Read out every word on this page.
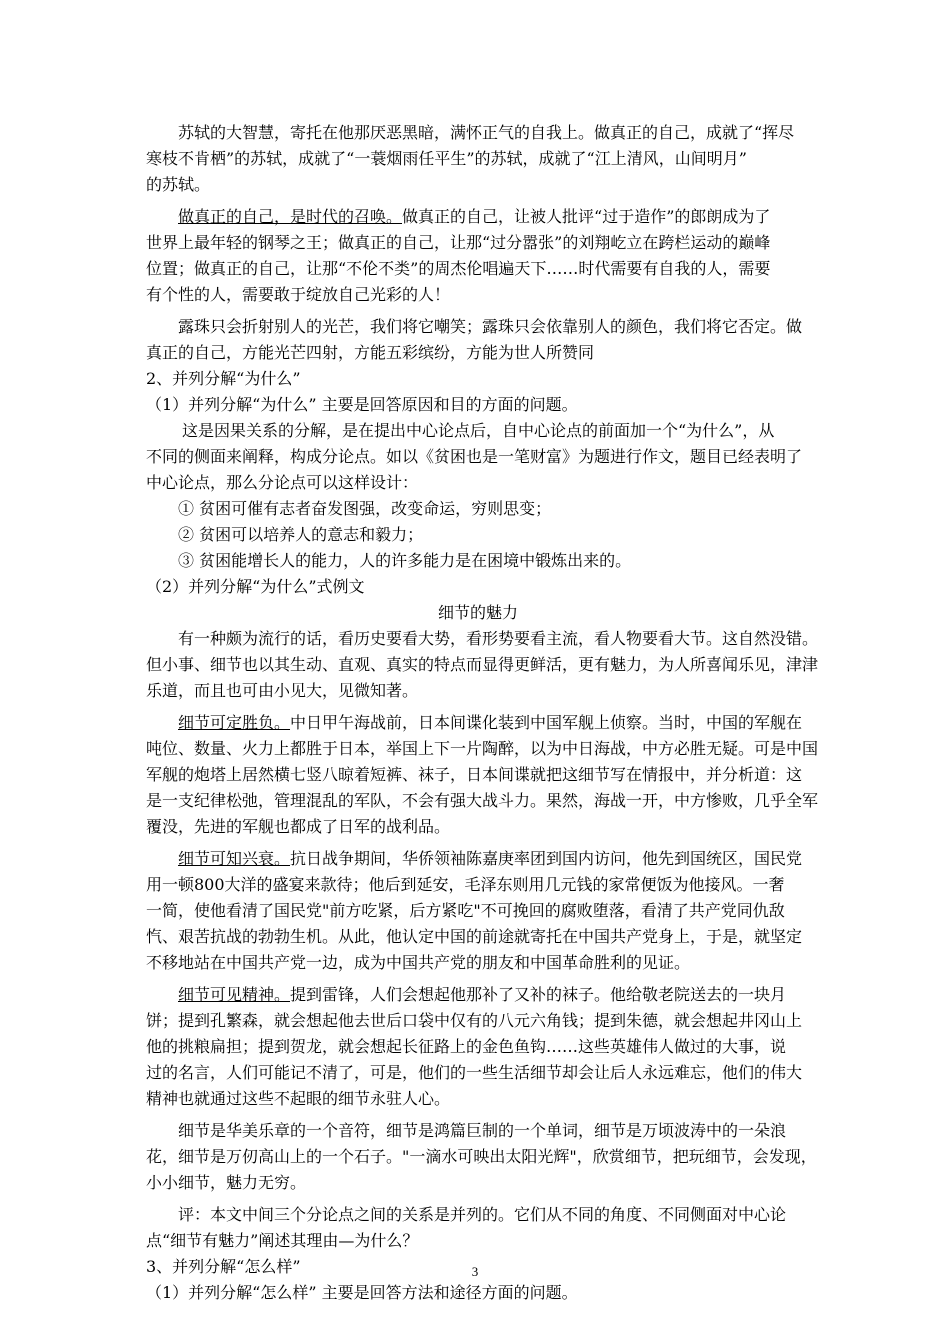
苏轼的大智慧，寄托在他那厌恶黑暗，满怀正气的自我上。做真正的自己，成就了“挥尽
寒枝不肯栖”的苏轼，成就了“一蓑烟雨任平生”的苏轼，成就了“江上清风，山间明月”
的苏轼。
做真正的自己，是时代的召唤。做真正的自己，让被人批评“过于造作”的郎朗成为了
世界上最年轻的钢琴之王；做真正的自己，让那“过分嚣张”的刘翔屹立在跨栏运动的巅峰
位置；做真正的自己，让那“不伦不类”的周杰伦唱遍天下……时代需要有自我的人，需要
有个性的人，需要敢于绽放自己光彩的人！
露珠只会折射别人的光芒，我们将它嘲笑；露珠只会依靠别人的颜色，我们将它否定。做
真正的自己，方能光芒四射，方能五彩缤纷，方能为世人所赞同
2、并列分解“为什么”
（1）并列分解“为什么” 主要是回答原因和目的方面的问题。
这是因果关系的分解，是在提出中心论点后，自中心论点的前面加一个“为什么”，从
不同的侧面来阐释，构成分论点。如以《贫困也是一笔财富》为题进行作文，题目已经表明了
中心论点，那么分论点可以这样设计：
① 贫困可催有志者奋发图强，改变命运，穷则思变；
② 贫困可以培养人的意志和毅力；
③ 贫困能增长人的能力，人的许多能力是在困境中锻炼出来的。
（2）并列分解“为什么”式例文
细节的魅力
有一种颇为流行的话，看历史要看大势，看形势要看主流，看人物要看大节。这自然没错。
但小事、细节也以其生动、直观、真实的特点而显得更鲜活，更有魅力，为人所喜闻乐见，津津
乐道，而且也可由小见大，见微知著。
细节可定胜负。中日甲午海战前，日本间谍化装到中国军舰上侦察。当时，中国的军舰在
吨位、数量、火力上都胜于日本，举国上下一片陶醉，以为中日海战，中方必胜无疑。可是中国
军舰的炮塔上居然横七竖八晾着短裤、袜子，日本间谍就把这细节写在情报中，并分析道：这
是一支纪律松弛，管理混乱的军队，不会有强大战斗力。果然，海战一开，中方惨败，几乎全军
覆没，先进的军舰也都成了日军的战利品。
细节可知兴衰。抗日战争期间，华侨领袖陈嘉庚率团到国内访问，他先到国统区，国民党
用一顿800大洋的盛宴来款待；他后到延安，毛泽东则用几元钱的家常便饭为他接风。一奢
一简，使他看清了国民党"前方吃紧，后方紧吃"不可挽回的腐败堕落，看清了共产党同仇敌
忾、艰苦抗战的勃勃生机。从此，他认定中国的前途就寄托在中国共产党身上，于是，就坚定
不移地站在中国共产党一边，成为中国共产党的朋友和中国革命胜利的见证。
细节可见精神。提到雷锋，人们会想起他那补了又补的袜子。他给敬老院送去的一块月
饼；提到孔繁森，就会想起他去世后口袋中仅有的八元六角钱；提到朱德，就会想起井冈山上
他的挑粮扁担；提到贺龙，就会想起长征路上的金色鱼钩……这些英雄伟人做过的大事，说
过的名言，人们可能记不清了，可是，他们的一些生活细节却会让后人永远难忘，他们的伟大
精神也就通过这些不起眼的细节永驻人心。
细节是华美乐章的一个音符，细节是鸿篇巨制的一个单词，细节是万顷波涛中的一朵浪
花，细节是万仞高山上的一个石子。"一滴水可映出太阳光辉"，欣赏细节，把玩细节，会发现，
小小细节，魅力无穷。
评：本文中间三个分论点之间的关系是并列的。它们从不同的角度、不同侧面对中心论
点“细节有魅力”阐述其理由—为什么？
3、并列分解“怎么样”
（1）并列分解“怎么样” 主要是回答方法和途径方面的问题。
3
